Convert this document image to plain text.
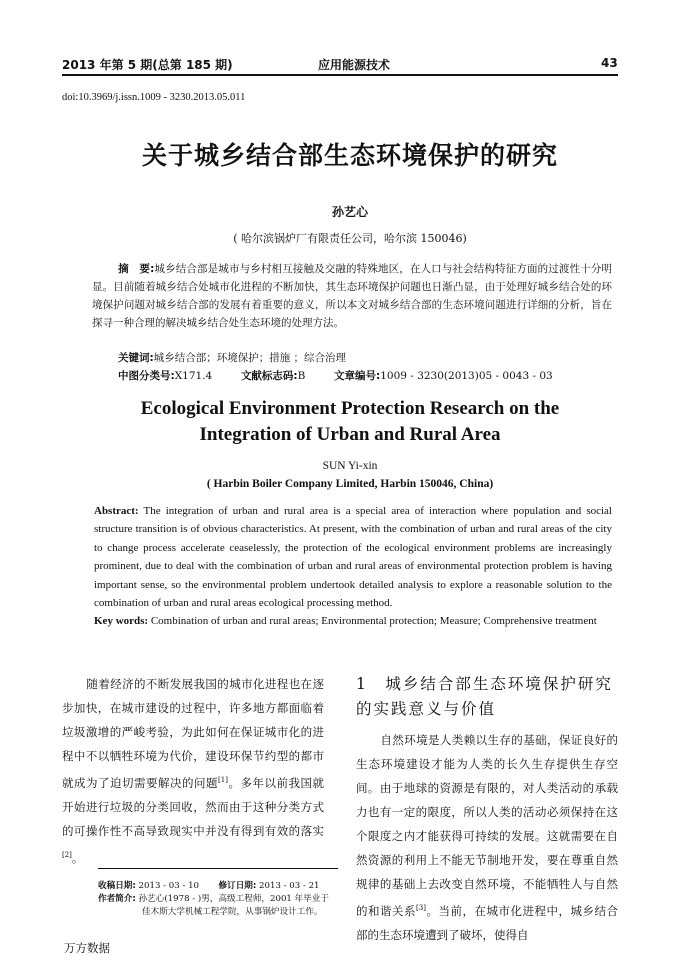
2013 年第 5 期(总第 185 期)	应用能源技术	43
doi:10.3969/j.issn.1009 - 3230.2013.05.011
关于城乡结合部生态环境保护的研究
孙艺心
( 哈尔滨锅炉厂有限责任公司，哈尔滨 150046)
摘　要:城乡结合部是城市与乡村相互接触及交融的特殊地区，在人口与社会结构特征方面的过渡性十分明显。目前随着城乡结合处城市化进程的不断加快，其生态环境保护问题也日渐凸显，由于处理好城乡结合处的环境保护问题对城乡结合部的发展有着重要的意义，所以本文对城乡结合部的生态环境问题进行详细的分析，旨在探寻一种合理的解决城乡结合处生态环境的处理方法。
关键词:城乡结合部；环境保护；措施 ；综合治理
中图分类号:X171.4	文献标志码:B	文章编号:1009 - 3230(2013)05 - 0043 - 03
Ecological Environment Protection Research on the
Integration of Urban and Rural Area
SUN Yi-xin
( Harbin Boiler Company Limited, Harbin 150046, China)
Abstract: The integration of urban and rural area is a special area of interaction where population and social structure transition is of obvious characteristics. At present, with the combination of urban and rural areas of the city to change process accelerate ceaselessly, the protection of the ecological environment problems are increasingly prominent, due to deal with the combination of urban and rural areas of environmental protection problem is having important sense, so the environmental problem undertook detailed analysis to explore a reasonable solution to the combination of urban and rural areas ecological processing method.
Key words: Combination of urban and rural areas; Environmental protection; Measure; Comprehensive treatment
随着经济的不断发展我国的城市化进程也在逐步加快，在城市建设的过程中，许多地方都面临着垃圾激增的严峻考验，为此如何在保证城市化的进程中不以牺牲环境为代价，建设环保节约型的都市就成为了迫切需要解决的问题[1]。多年以前我国就开始进行垃圾的分类回收，然而由于这种分类方式的可操作性不高导致现实中并没有得到有效的落实[2]。
1　城乡结合部生态环境保护研究的实践意义与价值
自然环境是人类赖以生存的基础，保证良好的生态环境建设才能为人类的长久生存提供生存空间。由于地球的资源是有限的，对人类活动的承载力也有一定的限度，所以人类的活动必须保持在这个限度之内才能获得可持续的发展。这就需要在自然资源的利用上不能无节制地开发，要在尊重自然规律的基础上去改变自然环境，不能牺牲人与自然的和谐关系[3]。当前，在城市化进程中，城乡结合部的生态环境遭到了破坏，使得自
收稿日期: 2013 - 03 - 10 修订日期: 2013 - 03 - 21
作者简介: 孙艺心(1978 - )男，高级工程师，2001 年毕业于
佳木斯大学机械工程学院，从事锅炉设计工作。
万方数据
